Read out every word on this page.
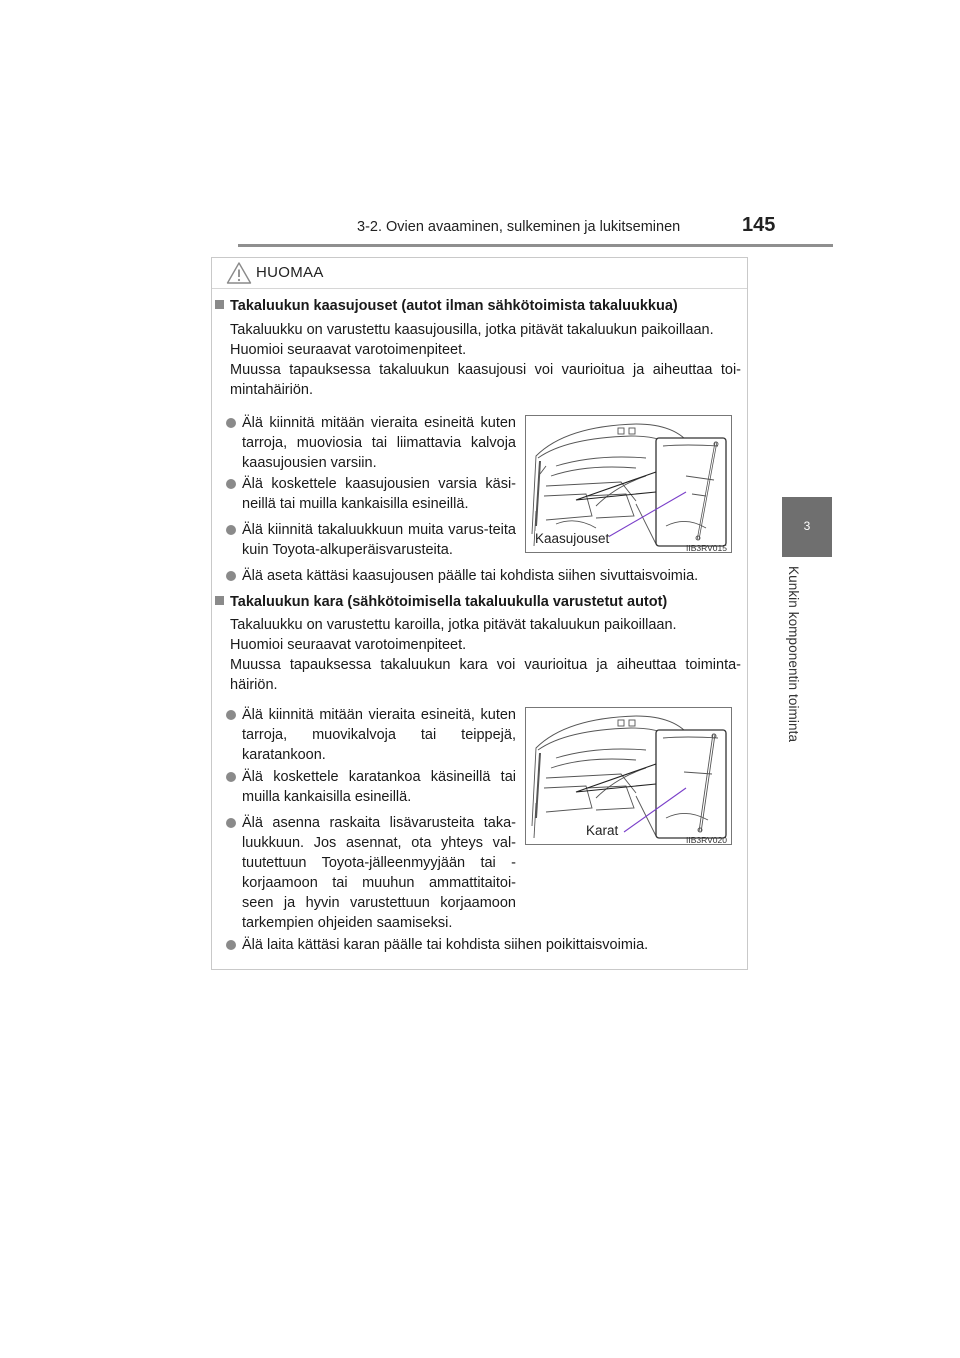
3-2. Ovien avaaminen, sulkeminen ja lukitseminen	145
3
Kunkin komponentin toiminta
HUOMAA
Takaluukun kaasujouset (autot ilman sähkötoimista takaluukkua)
Takaluukku on varustettu kaasujousilla, jotka pitävät takaluukun paikoillaan.
Huomioi seuraavat varotoimenpiteet.
Muussa tapauksessa takaluukun kaasujousi voi vaurioitua ja aiheuttaa toi-mintahäiriön.
Älä kiinnitä mitään vieraita esineitä kuten tarroja, muoviosia tai liimattavia kalvoja kaasujousien varsiin.
Älä koskettele kaasujousien varsia käsi-neillä tai muilla kankaisilla esineillä.
Älä kiinnitä takaluukkuun muita varus-teita kuin Toyota-alkuperäisvarusteita.
Älä aseta kättäsi kaasujousen päälle tai kohdista siihen sivuttaisvoimia.
Kaasujouset
IIB3RV015
Takaluukun kara (sähkötoimisella takaluukulla varustetut autot)
Takaluukku on varustettu karoilla, jotka pitävät takaluukun paikoillaan.
Huomioi seuraavat varotoimenpiteet.
Muussa tapauksessa takaluukun kara voi vaurioitua ja aiheuttaa toiminta-häiriön.
Älä kiinnitä mitään vieraita esineitä, kuten tarroja, muovikalvoja tai teippejä, karatankoon.
Älä koskettele karatankoa käsineillä tai muilla kankaisilla esineillä.
Älä asenna raskaita lisävarusteita taka-luukkuun. Jos asennat, ota yhteys val-tuutettuun Toyota-jälleenmyyjään tai -korjaamoon tai muuhun ammattitaitoi-seen ja hyvin varustettuun korjaamoon tarkempien ohjeiden saamiseksi.
Älä laita kättäsi karan päälle tai kohdista siihen poikittaisvoimia.
Karat
IIB3RV020
